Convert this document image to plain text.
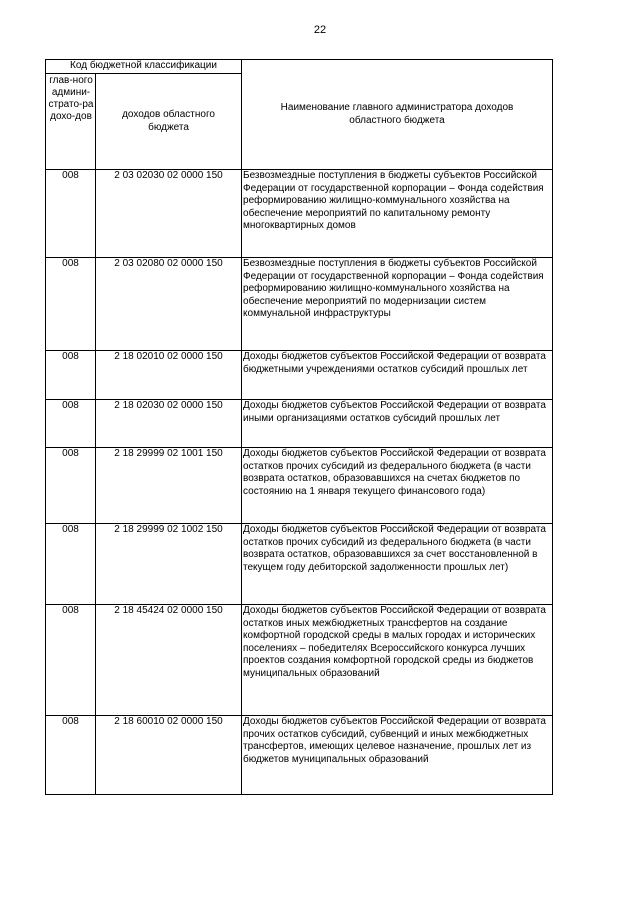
22
Код бюджетной классификации		Наименование главного администратора доходов областного бюджета
глав-ного админи-страто-ра дохо-дов	доходов областного бюджета	
008	2 03 02030 02 0000 150	Безвозмездные поступления в бюджеты субъектов Российской Федерации от государственной корпорации – Фонда содействия реформированию жилищно-коммунального хозяйства на обеспечение мероприятий по капитальному ремонту многоквартирных домов
008	2 03 02080 02 0000 150	Безвозмездные поступления в бюджеты субъектов Российской Федерации от государственной корпорации – Фонда содействия реформированию жилищно-коммунального хозяйства на обеспечение мероприятий по модернизации систем коммунальной инфраструктуры
008	2 18 02010 02 0000 150	Доходы бюджетов субъектов Российской Федерации от возврата бюджетными учреждениями остатков субсидий прошлых лет
008	2 18 02030 02 0000 150	Доходы бюджетов субъектов Российской Федерации от возврата иными организациями остатков субсидий прошлых лет
008	2 18 29999 02 1001 150	Доходы бюджетов субъектов Российской Федерации от возврата остатков прочих субсидий из федерального бюджета (в части возврата остатков, образовавшихся на счетах бюджетов по состоянию на 1 января текущего финансового года)
008	2 18 29999 02 1002 150	Доходы бюджетов субъектов Российской Федерации от возврата остатков прочих субсидий из федерального бюджета (в части возврата остатков, образовавшихся за счет восстановленной в текущем году дебиторской задолженности прошлых лет)
008	2 18 45424 02 0000 150	Доходы бюджетов субъектов Российской Федерации от возврата остатков иных межбюджетных трансфертов на создание комфортной городской среды в малых городах и исторических поселениях – победителях Всероссийского конкурса лучших проектов создания комфортной городской среды из бюджетов муниципальных образований
008	2 18 60010 02 0000 150	Доходы бюджетов субъектов Российской Федерации от возврата прочих остатков субсидий, субвенций и иных межбюджетных трансфертов, имеющих целевое назначение, прошлых лет из бюджетов муниципальных образований
